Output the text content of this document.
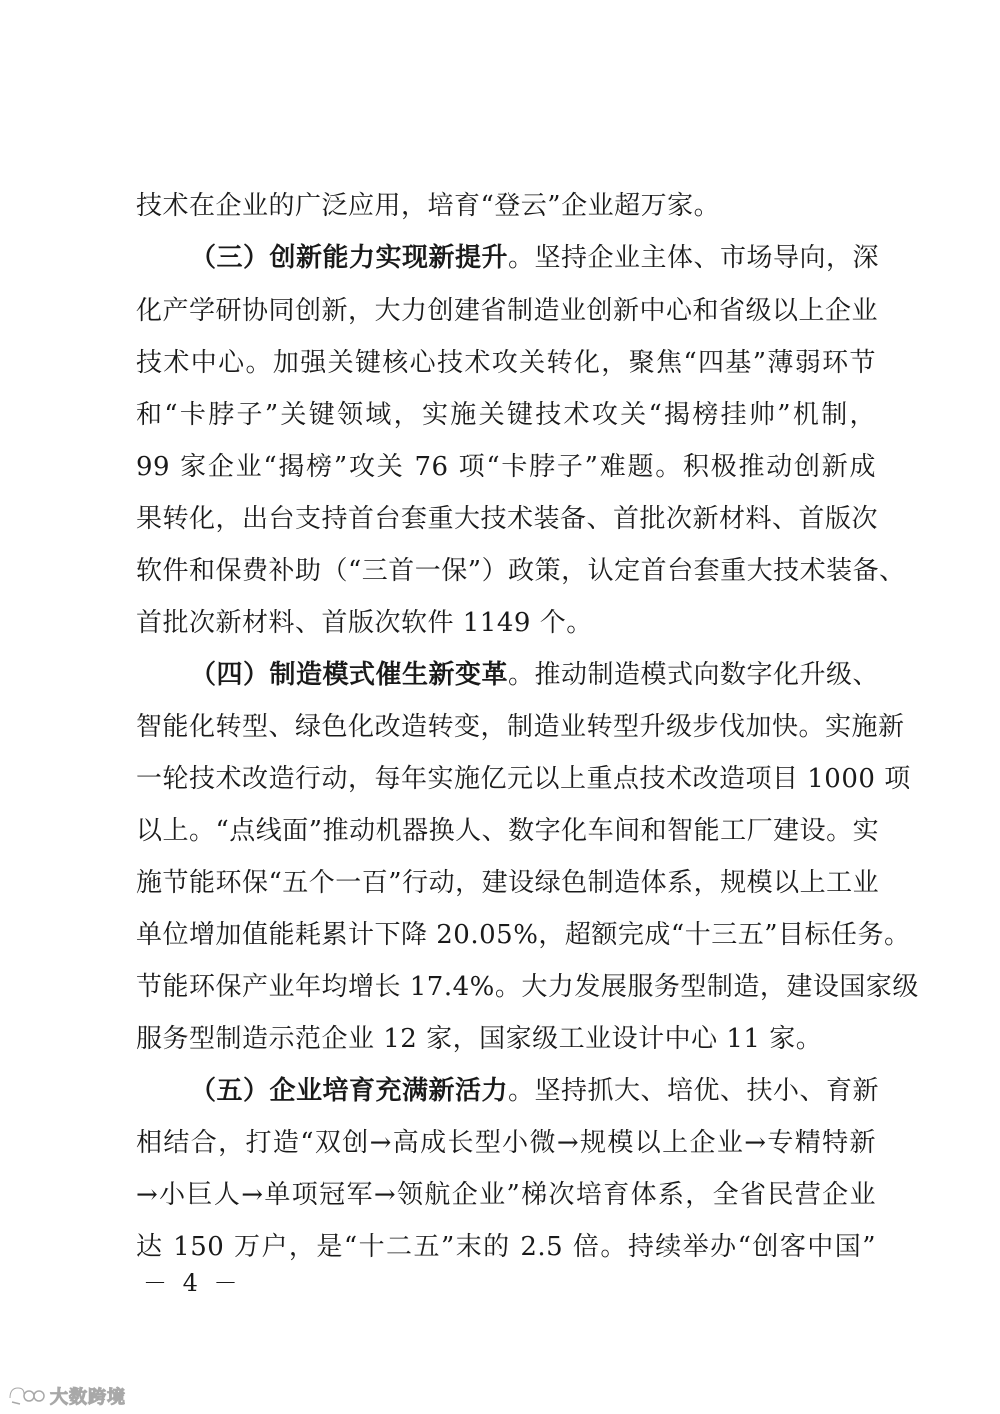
技术在企业的广泛应用，培育“登云”企业超万家。
（三）创新能力实现新提升。坚持企业主体、市场导向，深
化产学研协同创新，大力创建省制造业创新中心和省级以上企业
技术中心。加强关键核心技术攻关转化，聚焦“四基”薄弱环节
和“卡脖子”关键领域，实施关键技术攻关“揭榜挂帅”机制，
99 家企业“揭榜”攻关 76 项“卡脖子”难题。积极推动创新成
果转化，出台支持首台套重大技术装备、首批次新材料、首版次
软件和保费补助（“三首一保”）政策，认定首台套重大技术装备、
首批次新材料、首版次软件 1149 个。
（四）制造模式催生新变革。推动制造模式向数字化升级、
智能化转型、绿色化改造转变，制造业转型升级步伐加快。实施新
一轮技术改造行动，每年实施亿元以上重点技术改造项目 1000 项
以上。“点线面”推动机器换人、数字化车间和智能工厂建设。实
施节能环保“五个一百”行动，建设绿色制造体系，规模以上工业
单位增加值能耗累计下降 20.05%，超额完成“十三五”目标任务。
节能环保产业年均增长 17.4%。大力发展服务型制造，建设国家级
服务型制造示范企业 12 家，国家级工业设计中心 11 家。
（五）企业培育充满新活力。坚持抓大、培优、扶小、育新
相结合，打造“双创→高成长型小微→规模以上企业→专精特新
→小巨人→单项冠军→领航企业”梯次培育体系，全省民营企业
达 150 万户，是“十二五”末的 2.5 倍。持续举办“创客中国”
－ 4 －
大数跨境
